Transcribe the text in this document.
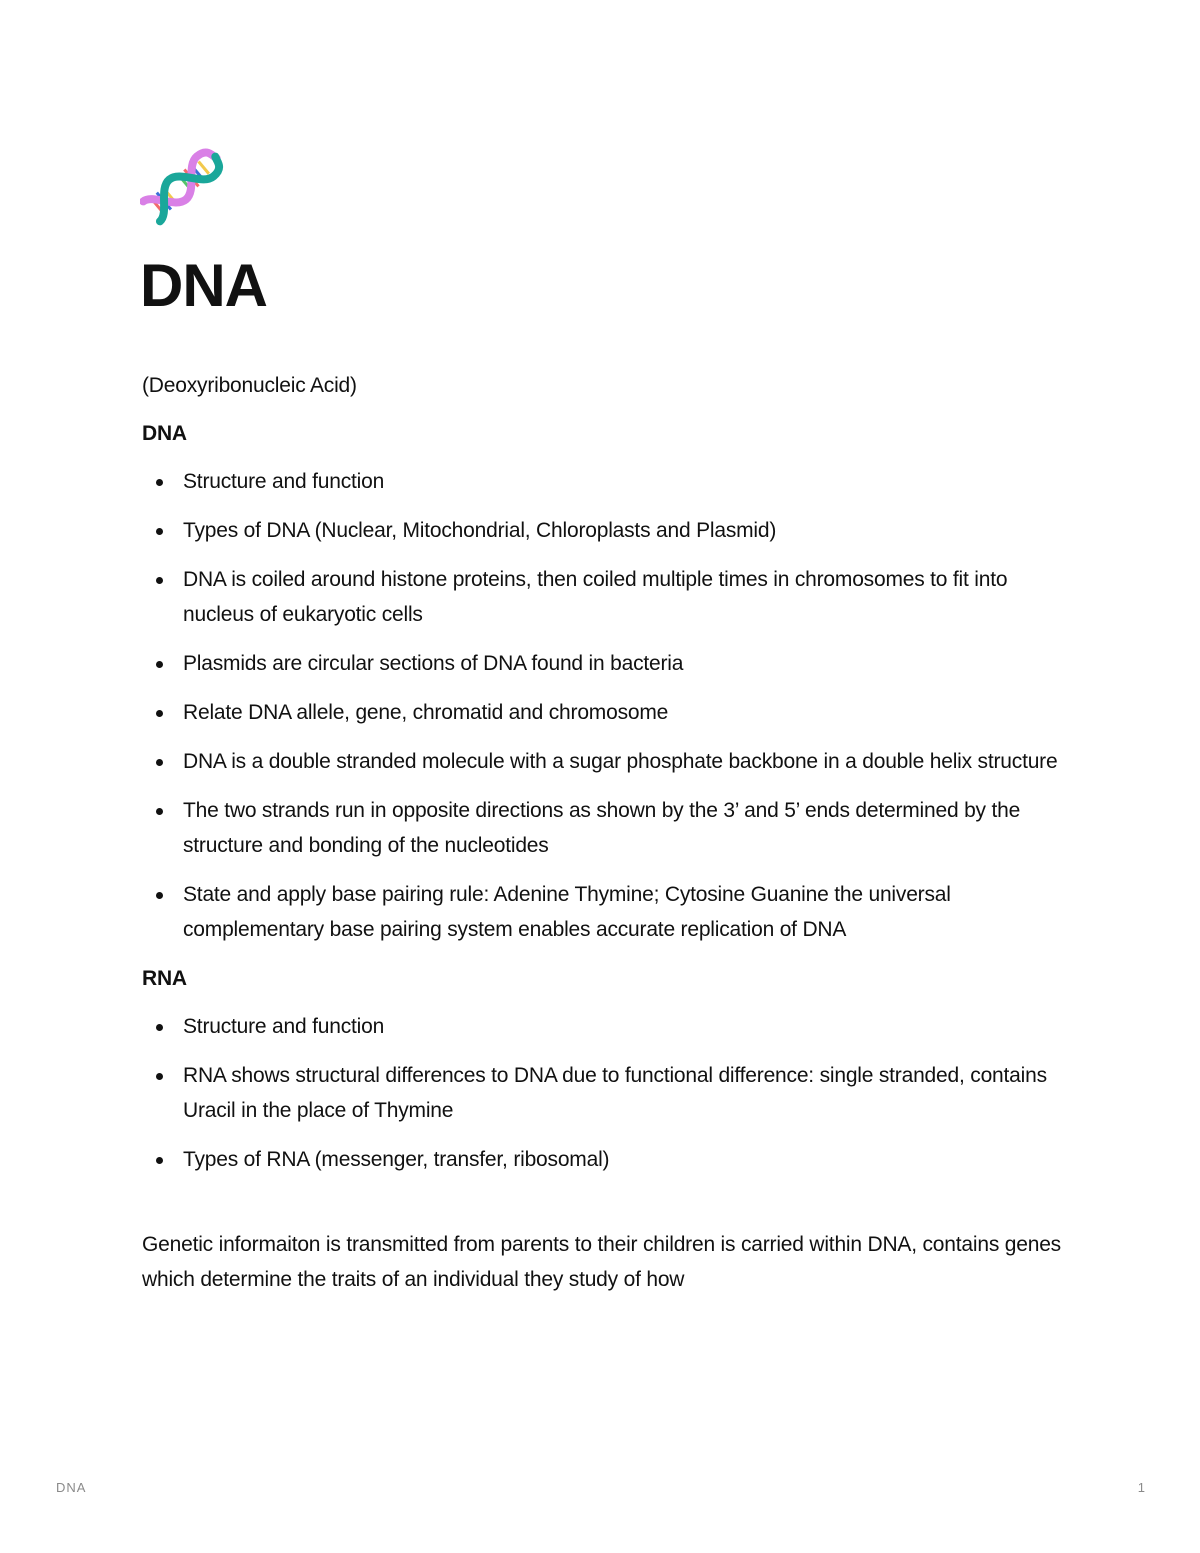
DNA

(Deoxyribonucleic Acid)

DNA

Structure and function
Types of DNA (Nuclear, Mitochondrial, Chloroplasts and Plasmid)
DNA is coiled around histone proteins, then coiled multiple times in chromosomes to fit into nucleus of eukaryotic cells
Plasmids are circular sections of DNA found in bacteria
Relate DNA allele, gene, chromatid and chromosome
DNA is a double stranded molecule with a sugar phosphate backbone in a double helix structure
The two strands run in opposite directions as shown by the 3’ and 5’ ends determined by the structure and bonding of the nucleotides
State and apply base pairing rule: Adenine Thymine; Cytosine Guanine the universal complementary base pairing system enables accurate replication of DNA

RNA

Structure and function
RNA shows structural differences to DNA due to functional difference: single stranded, contains Uracil in the place of Thymine
Types of RNA (messenger, transfer, ribosomal)

Genetic informaiton is transmitted from parents to their children is carried within DNA, contains genes which determine the traits of an individual they study of how

DNA	1
